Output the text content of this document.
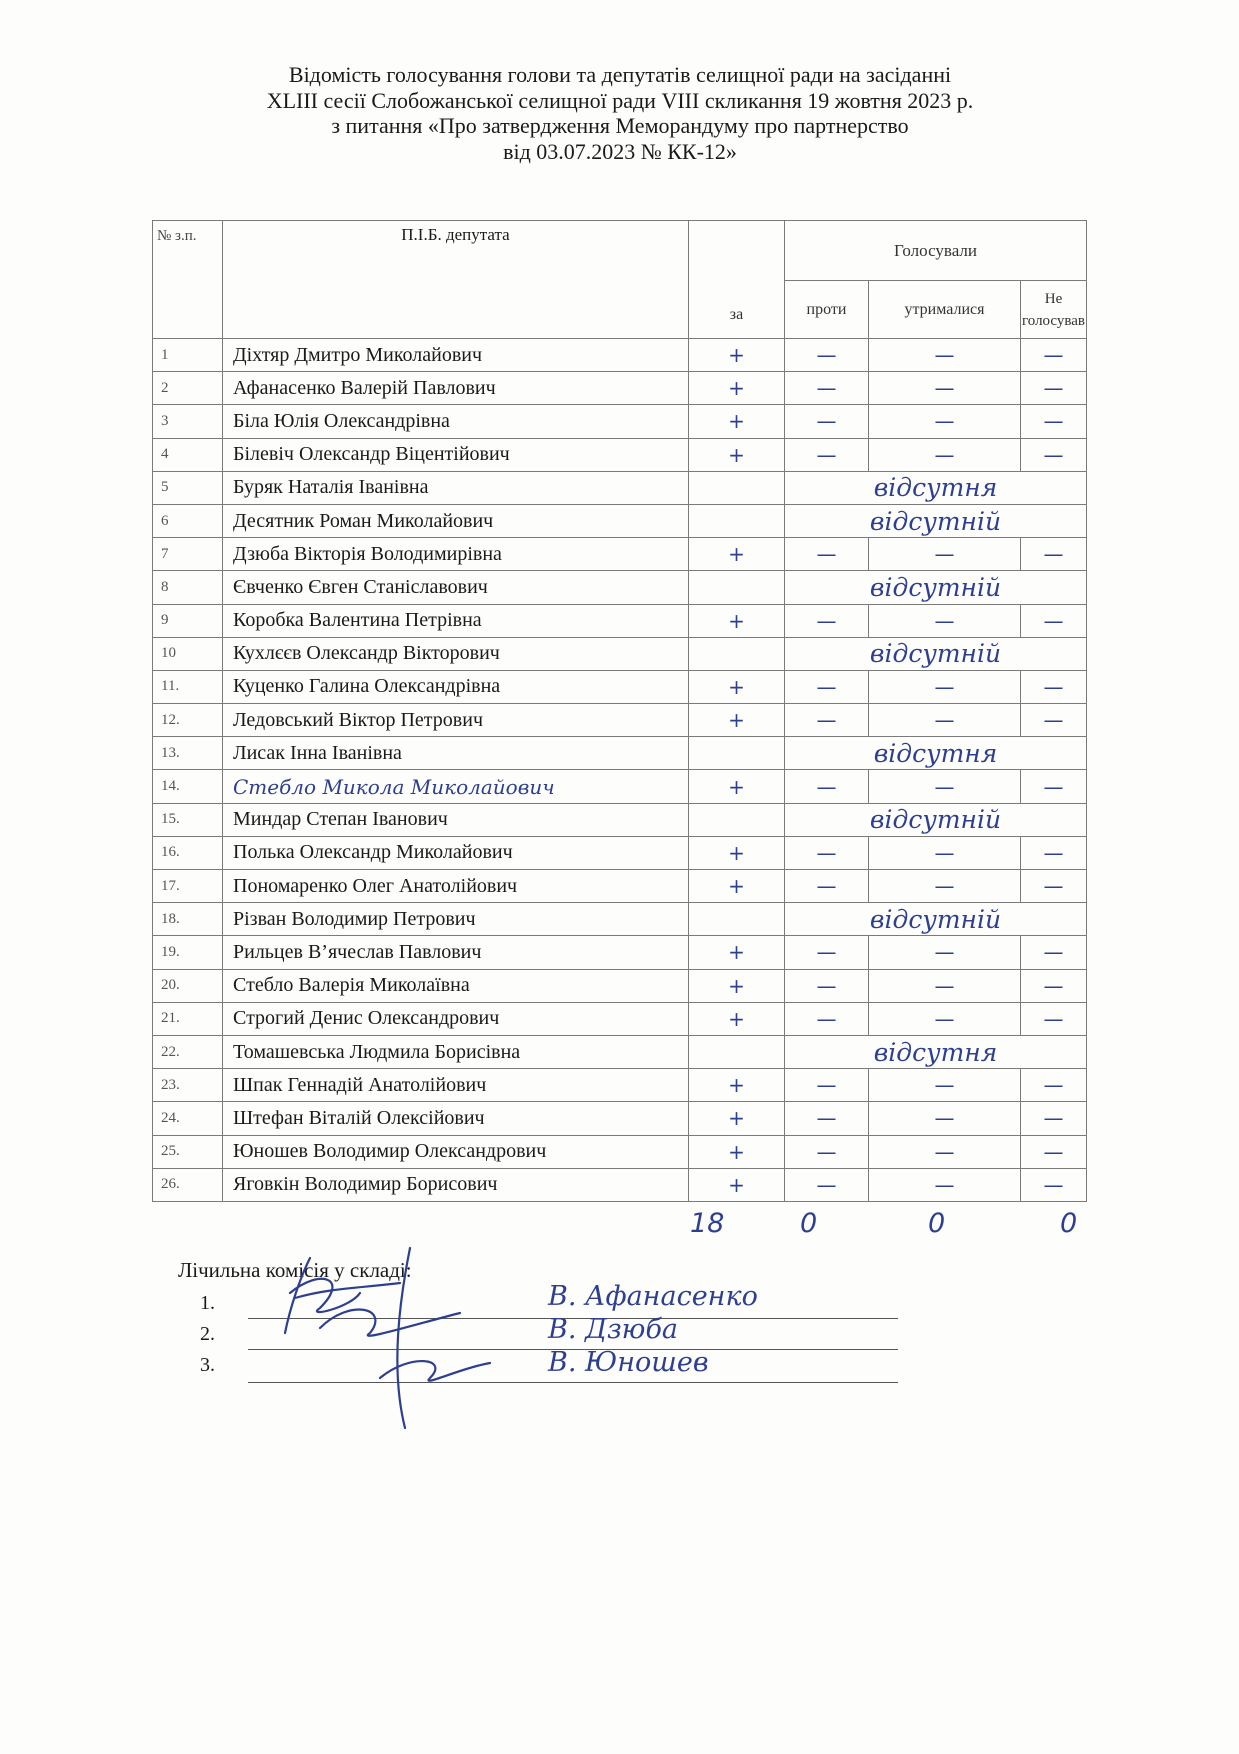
Відомість голосування голови та депутатів селищної ради на засіданні
XLIII сесії Слобожанської селищної ради VIII скликання 19 жовтня 2023 р.
з питання «Про затвердження Меморандуму про партнерство
від 03.07.2023 № КК-12»
№ з.п.	П.І.Б. депутата	за	Голосували		
			проти	утрималися	Не голосував
1	Діхтяр Дмитро Миколайович	+	—	—	—
2	Афанасенко Валерій Павлович	+	—	—	—
3	Біла Юлія Олександрівна	+	—	—	—
4	Білевіч Олександр Віцентійович	+	—	—	—
5	Буряк Наталія Іванівна		відсутня		
6	Десятник Роман Миколайович		відсутній		
7	Дзюба Вікторія Володимирівна	+	—	—	—
8	Євченко Євген Станіславович		відсутній		
9	Коробка Валентина Петрівна	+	—	—	—
10	Кухлєєв Олександр Вікторович		відсутній		
11.	Куценко Галина Олександрівна	+	—	—	—
12.	Ледовський Віктор Петрович	+	—	—	—
13.	Лисак Інна Іванівна		відсутня		
14.	Стебло Микола Миколайович	+	—	—	—
15.	Миндар Степан Іванович		відсутній		
16.	Полька Олександр Миколайович	+	—	—	—
17.	Пономаренко Олег Анатолійович	+	—	—	—
18.	Різван Володимир Петрович		відсутній		
19.	Рильцев В’ячеслав Павлович	+	—	—	—
20.	Стебло Валерія Миколаївна	+	—	—	—
21.	Строгий Денис Олександрович	+	—	—	—
22.	Томашевська Людмила Борисівна		відсутня		
23.	Шпак Геннадій Анатолійович	+	—	—	—
24.	Штефан Віталій Олексійович	+	—	—	—
25.	Юношев Володимир Олександрович	+	—	—	—
26.	Яговкін Володимир Борисович	+	—	—	—
18	0	0	0
Лічильна комісія у складі:
1.	В. Афанасенко
2.	В. Дзюба
3.	В. Юношев
